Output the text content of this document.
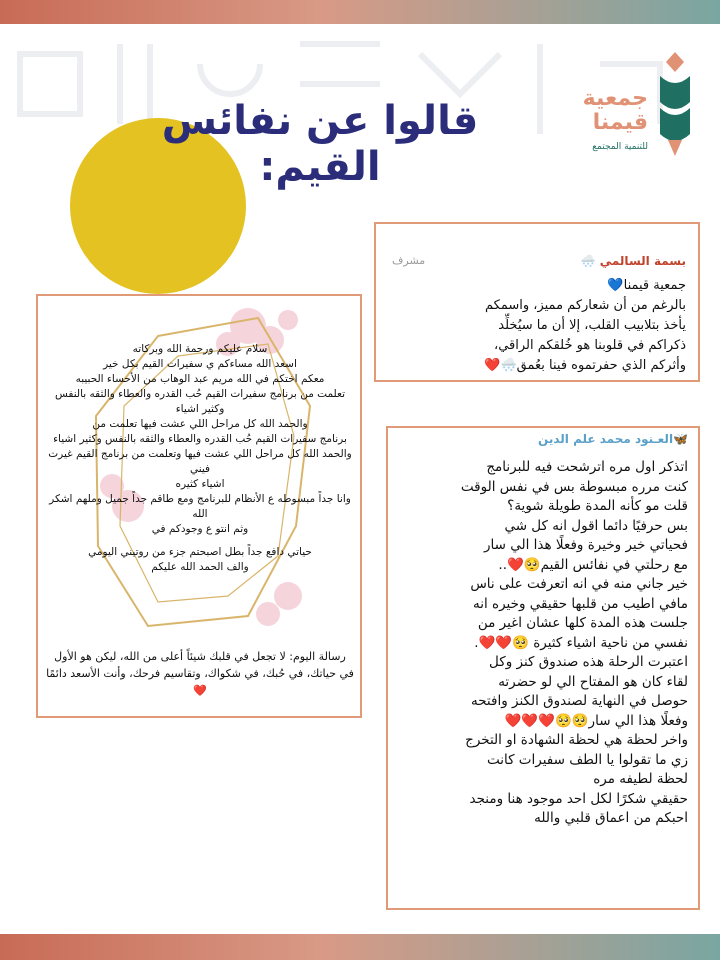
قالوا عن نفائس القيم:
جمعية
قيمنا
للتنمية المجتمع

سلام عليكم ورحمة الله وبركاته

اسعد الله مساءكم ي سفيرات القيم بكل خير

معكم اختكم في الله مريم عبد الوهاب من الأحساء الحبيبه

تعلمت من برنامج سفيرات القيم حُب القدره والعطاء والثقه بالنفس

وكثير اشياء

والحمد الله كل مراحل اللي عشت فيها تعلمت من

برنامج سفيرات القيم حُب القدره والعطاء والثقه بالنفس وكثير اشياء

والحمد الله كل مراحل اللي عشت فيها وتعلمت من برنامج القيم غيرت فيني

اشياء كثيره

وانا جداً مبسوطه ع الأنظام للبرنامج ومع طاقم جداً جميل وملهم اشكر الله

وثم انتو ع وجودكم في

حياتي دافع جداً بطل اصبحتم جزء من روتيني اليومي

والف الحمد الله عليكم

رسالة اليوم: لا تجعل في قلبك شيئاً أعلى من الله، ليكن هو الأول في حياتك، في حُبك، في شكواك، وتقاسيم فرحك، وأنت الأسعد دائمًا ❤️
بسمة السالمي 🌨️
مشرف

جمعية قيمنا💙

بالرغم من أن شعاركم مميز، واسمكم

يأخذ بتلابيب القلب، إلا أن ما سيُخلِّد

ذكراكم في قلوبنا هو خُلقكم الراقي،

وأثركم الذي حفرتموه فينا بعُمق🌨️❤️

🦋العـنود محمد علم الدين

اتذكر اول مره اترشحت فيه للبرنامج

كنت مرره مبسوطة بس في نفس الوقت

قلت مو كأنه المدة طويلة شوية؟

بس حرفيًا دائما اقول انه كل شي

فحياتي خير وخيرة وفعلًا هذا الي سار

مع رحلتي في نفائس القيم🥺❤️..

خير جاني منه في انه اتعرفت على ناس

مافي اطيب من قلبها حقيقي وخيره انه

جلست هذه المدة كلها عشان اغير من

نفسي من ناحية اشياء كثيرة 🥺❤️❤️.

اعتبرت الرحلة هذه صندوق كنز وكل

لقاء كان هو المفتاح الي لو حضرته

حوصل في النهاية لصندوق الكنز وافتحه

وفعلًا هذا الي سار🥺🥺❤️❤️❤️

واخر لحظة هي لحظة الشهادة او التخرج

زي ما تقولوا يا الطف سفيرات كانت

لحظة لطيفه مره

حقيقي شكرًا لكل احد موجود هنا ومنجد

احبكم من اعماق قلبي والله
